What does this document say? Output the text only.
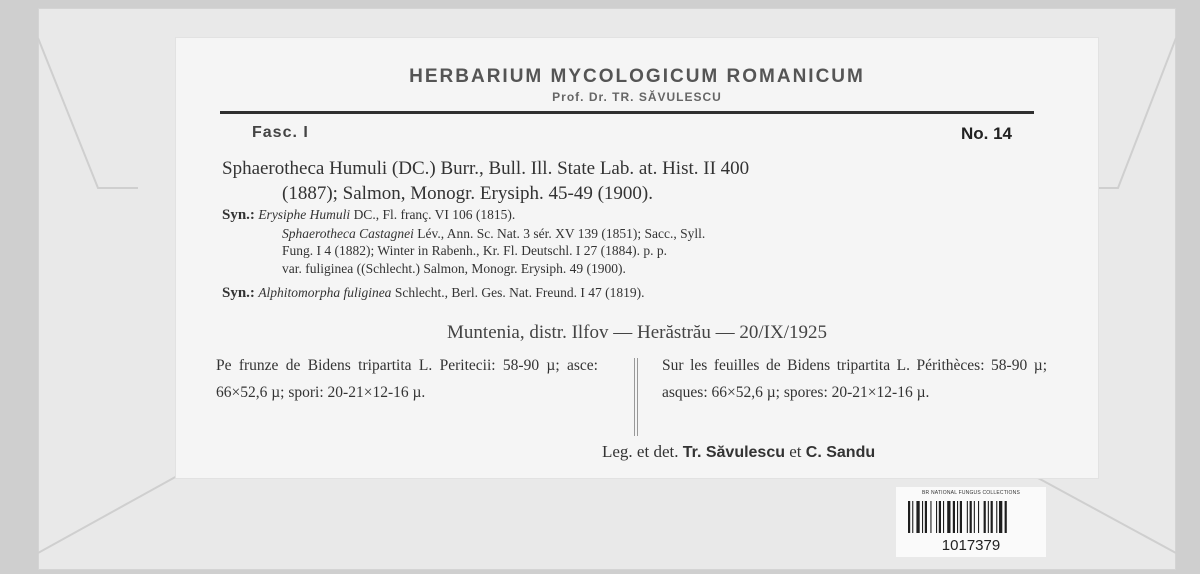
HERBARIUM MYCOLOGICUM ROMANICUM
Prof. Dr. TR. SĂVULESCU
Fasc. I	No. 14
Sphaerotheca Humuli (DC.) Burr., Bull. Ill. State Lab. at. Hist. II 400
(1887); Salmon, Monogr. Erysiph. 45-49 (1900).
Syn.: Erysiphe Humuli DC., Fl. franç. VI 106 (1815).
Sphaerotheca Castagnei Lév., Ann. Sc. Nat. 3 sér. XV 139 (1851); Sacc., Syll.
Fung. I 4 (1882); Winter in Rabenh., Kr. Fl. Deutschl. I 27 (1884). p. p.
var. fuliginea ((Schlecht.) Salmon, Monogr. Erysiph. 49 (1900).
Syn.: Alphitomorpha fuliginea Schlecht., Berl. Ges. Nat. Freund. I 47 (1819).
Muntenia, distr. Ilfov — Herăstrău — 20/IX/1925
Pe frunze de Bidens tripartita L. Peritecii: 58-90 µ; asce: 66×52,6 µ; spori: 20-21×12-16 µ.
Sur les feuilles de Bidens tripartita L. Périthèces: 58-90 µ; asques: 66×52,6 µ; spores: 20-21×12-16 µ.
Leg. et det. Tr. Săvulescu et C. Sandu
BR NATIONAL FUNGUS COLLECTIONS
1017379
